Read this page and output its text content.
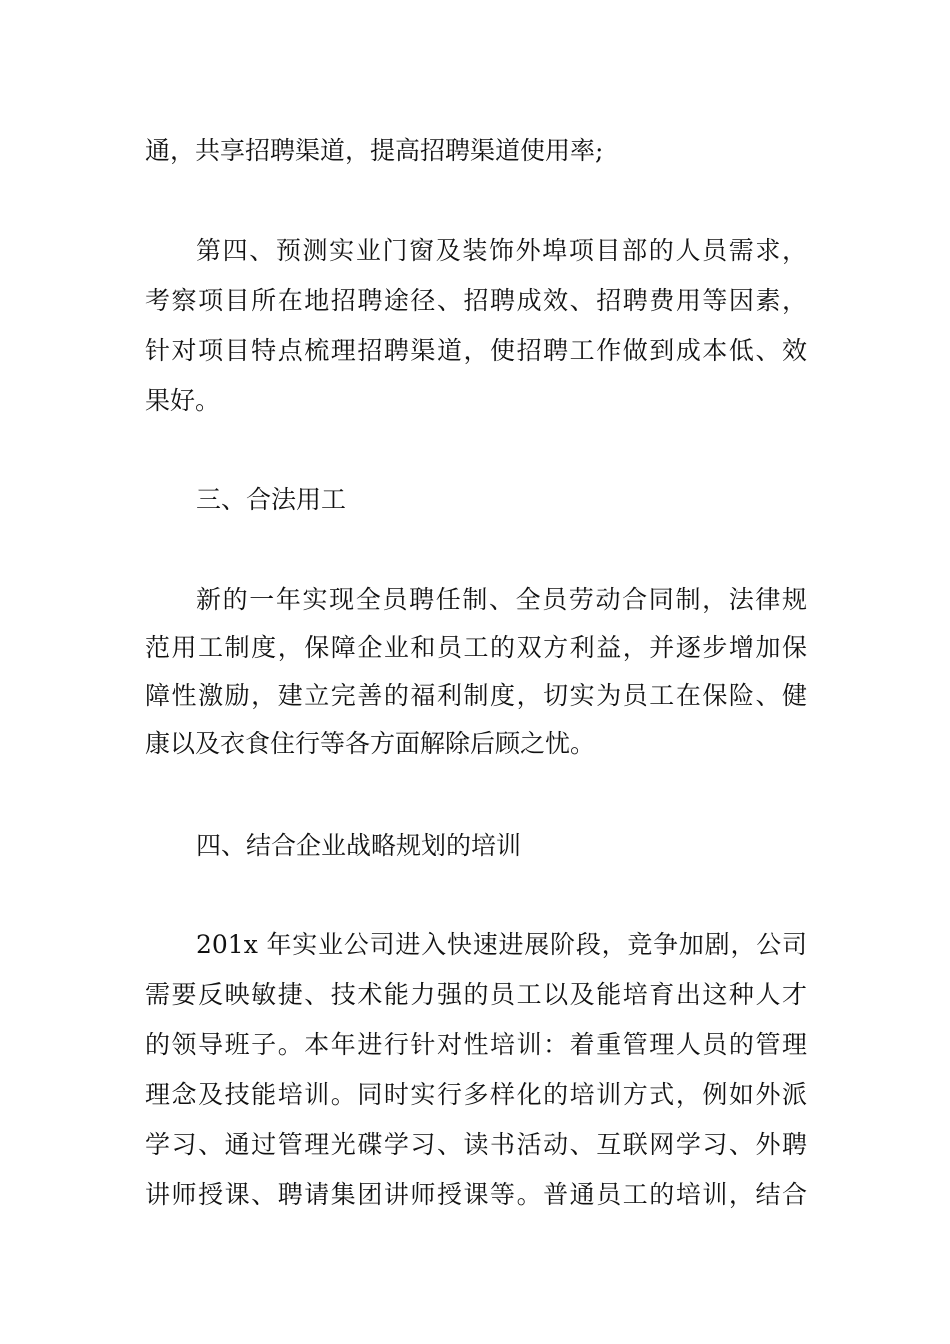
通，共享招聘渠道，提高招聘渠道使用率;
第四、预测实业门窗及装饰外埠项目部的人员需求，
考察项目所在地招聘途径、招聘成效、招聘费用等因素，
针对项目特点梳理招聘渠道，使招聘工作做到成本低、效
果好。
三、合法用工
新的一年实现全员聘任制、全员劳动合同制，法律规
范用工制度，保障企业和员工的双方利益，并逐步增加保
障性激励，建立完善的福利制度，切实为员工在保险、健
康以及衣食住行等各方面解除后顾之忧。
四、结合企业战略规划的培训
201x 年实业公司进入快速进展阶段，竞争加剧，公司
需要反映敏捷、技术能力强的员工以及能培育出这种人才
的领导班子。本年进行针对性培训：着重管理人员的管理
理念及技能培训。同时实行多样化的培训方式，例如外派
学习、通过管理光碟学习、读书活动、互联网学习、外聘
讲师授课、聘请集团讲师授课等。普通员工的培训，结合
